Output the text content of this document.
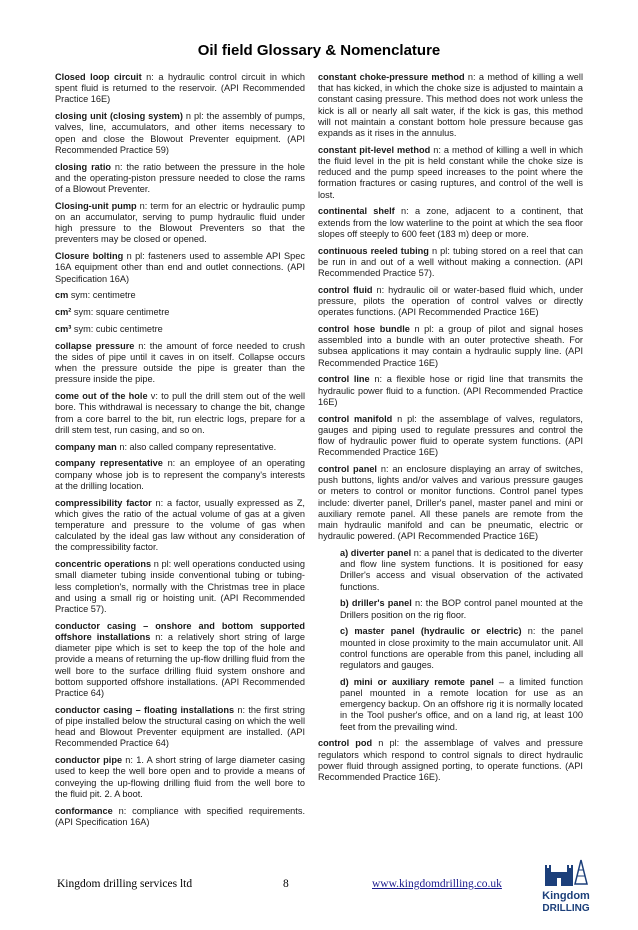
Oil field Glossary & Nomenclature

Closed loop circuit n: a hydraulic control circuit in which spent fluid is returned to the reservoir. (API Recommended Practice 16E)

closing unit (closing system) n pl: the assembly of pumps, valves, line, accumulators, and other items necessary to open and close the Blowout Preventer equipment. (API Recommended Practice 59)

closing ratio n: the ratio between the pressure in the hole and the operating-piston pressure needed to close the rams of a Blowout Preventer.

Closing-unit pump n: term for an electric or hydraulic pump on an accumulator, serving to pump hydraulic fluid under high pressure to the Blowout Preventers so that the preventers may be closed or opened.

Closure bolting n pl: fasteners used to assemble API Spec 16A equipment other than end and outlet connections. (API Specification 16A)

cm sym: centimetre

cm² sym: square centimetre

cm³ sym: cubic centimetre

collapse pressure n: the amount of force needed to crush the sides of pipe until it caves in on itself. Collapse occurs when the pressure outside the pipe is greater than the pressure inside the pipe.

come out of the hole v: to pull the drill stem out of the well bore. This withdrawal is necessary to change the bit, change from a core barrel to the bit, run electric logs, prepare for a drill stem test, run casing, and so on.

company man n: also called company representative.

company representative n: an employee of an operating company whose job is to represent the company's interests at the drilling location.

compressibility factor n: a factor, usually expressed as Z, which gives the ratio of the actual volume of gas at a given temperature and pressure to the volume of gas when calculated by the ideal gas law without any consideration of the compressibility factor.

concentric operations n pl: well operations conducted using small diameter tubing inside conventional tubing or tubing-less completion's, normally with the Christmas tree in place and using a small rig or hoisting unit. (API Recommended Practice 57).

conductor casing – onshore and bottom supported offshore installations n: a relatively short string of large diameter pipe which is set to keep the top of the hole and provide a means of returning the up-flow drilling fluid from the well bore to the surface drilling fluid system onshore and bottom supported offshore installations. (API Recommended Practice 64)

conductor casing – floating installations n: the first string of pipe installed below the structural casing on which the well head and Blowout Preventer equipment are installed. (API Recommended Practice 64)

conductor pipe n: 1. A short string of large diameter casing used to keep the well bore open and to provide a means of conveying the up-flowing drilling fluid from the well bore to the fluid pit. 2. A boot.

conformance n: compliance with specified requirements. (API Specification 16A)

constant choke-pressure method n: a method of killing a well that has kicked, in which the choke size is adjusted to maintain a constant casing pressure. This method does not work unless the kick is all or nearly all salt water, if the kick is gas, this method will not maintain a constant bottom hole pressure because gas expands as it rises in the annulus.

constant pit-level method n: a method of killing a well in which the fluid level in the pit is held constant while the choke size is reduced and the pump speed increases to the point where the formation fractures or casing ruptures, and control of the well is lost.

continental shelf n: a zone, adjacent to a continent, that extends from the low waterline to the point at which the sea floor slopes off steeply to 600 feet (183 m) deep or more.

continuous reeled tubing n pl: tubing stored on a reel that can be run in and out of a well without making a connection. (API Recommended Practice 57).

control fluid n: hydraulic oil or water-based fluid which, under pressure, pilots the operation of control valves or directly operates functions. (API Recommended Practice 16E)

control hose bundle n pl: a group of pilot and signal hoses assembled into a bundle with an outer protective sheath. For subsea applications it may contain a hydraulic supply line. (API Recommended Practice 16E)

control line n: a flexible hose or rigid line that transmits the hydraulic power fluid to a function. (API Recommended Practice 16E)

control manifold n pl: the assemblage of valves, regulators, gauges and piping used to regulate pressures and control the flow of hydraulic power fluid to operate system functions. (API Recommended Practice 16E)

control panel n: an enclosure displaying an array of switches, push buttons, lights and/or valves and various pressure gauges or meters to control or monitor functions. Control panel types include: diverter panel, Driller's panel, master panel and mini or auxiliary remote panel. All these panels are remote from the main hydraulic manifold and can be pneumatic, electric or hydraulic powered. (API Recommended Practice 16E)

a) diverter panel n: a panel that is dedicated to the diverter and flow line system functions. It is positioned for easy Driller's access and visual observation of the activated functions.

b) driller's panel n: the BOP control panel mounted at the Drillers position on the rig floor.

c) master panel (hydraulic or electric) n: the panel mounted in close proximity to the main accumulator unit. All control functions are operable from this panel, including all regulators and gauges.

d) mini or auxiliary remote panel – a limited function panel mounted in a remote location for use as an emergency backup. On an offshore rig it is normally located in the Tool pusher's office, and on a land rig, at least 100 feet from the prevailing wind.

control pod n pl: the assemblage of valves and pressure regulators which respond to control signals to direct hydraulic power fluid through assigned porting, to operate functions. (API Recommended Practice 16E).

Kingdom drilling services ltd	8	www.kingdomdrilling.co.uk
Kingdom
DRILLING
